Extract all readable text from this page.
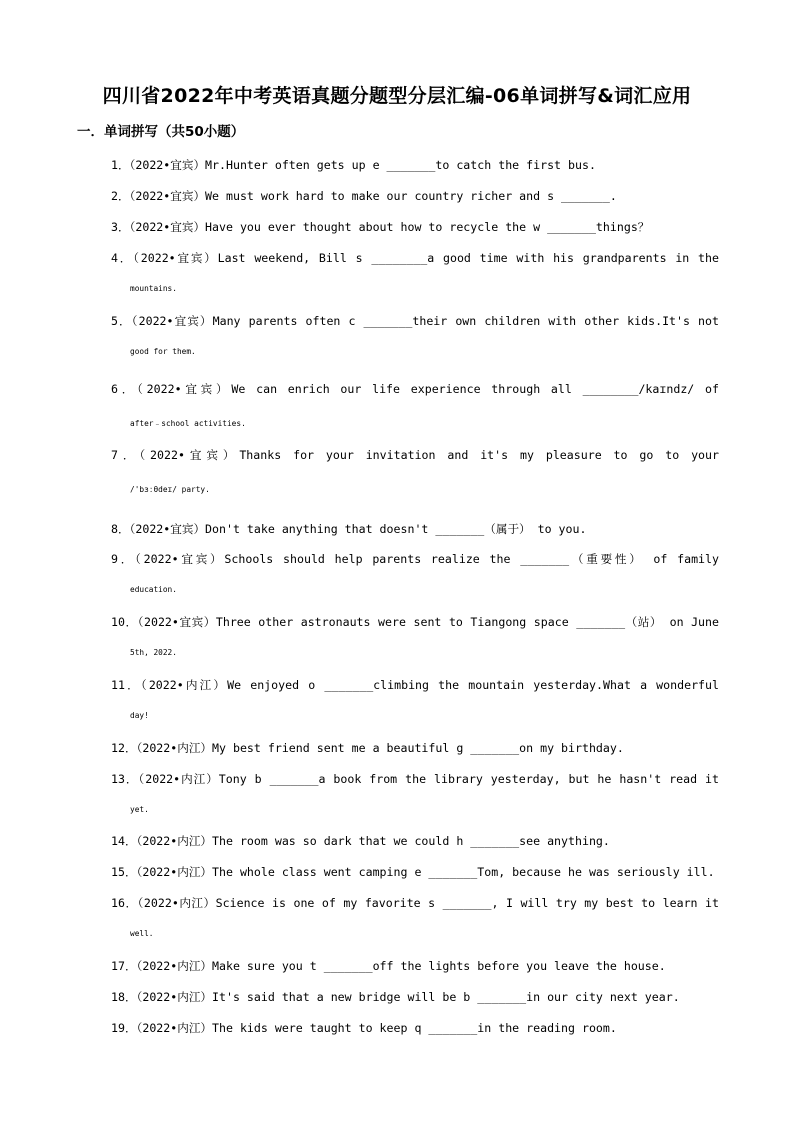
四川省2022年中考英语真题分题型分层汇编-06单词拼写&词汇应用
一．单词拼写（共50小题）
1．（2022•宜宾）Mr.Hunter often gets up e _______to catch the first bus.
2．（2022•宜宾）We must work hard to make our country richer and s _______.
3．（2022•宜宾）Have you ever thought about how to recycle the w _______things？
4．（2022•宜宾）Last weekend, Bill s ________a good time with his grandparents in the
mountains.
5．（2022•宜宾）Many parents often c _______their own children with other kids.It's not
good for them.
6．（2022•宜宾）We can enrich our life experience through all ________/kaɪndz/ of
after﹣school activities.
7．（2022•宜宾）Thanks for your invitation and it's my pleasure to go to your
/'bɜːθdeɪ/ party.
8．（2022•宜宾）Don't take anything that doesn't _______（属于） to you.
9．（2022•宜宾）Schools should help parents realize the _______（重要性） of family
education.
10．（2022•宜宾）Three other astronauts were sent to Tiangong space _______（站） on June
5th, 2022.
11．（2022•内江）We enjoyed o _______climbing the mountain yesterday.What a wonderful
day!
12．（2022•内江）My best friend sent me a beautiful g _______on my birthday.
13．（2022•内江）Tony b _______a book from the library yesterday, but he hasn't read it
yet.
14．（2022•内江）The room was so dark that we could h _______see anything.
15．（2022•内江）The whole class went camping e _______Tom, because he was seriously ill.
16．（2022•内江）Science is one of my favorite s _______, I will try my best to learn it
well.
17．（2022•内江）Make sure you t _______off the lights before you leave the house.
18．（2022•内江）It's said that a new bridge will be b _______in our city next year.
19．（2022•内江）The kids were taught to keep q _______in the reading room.
